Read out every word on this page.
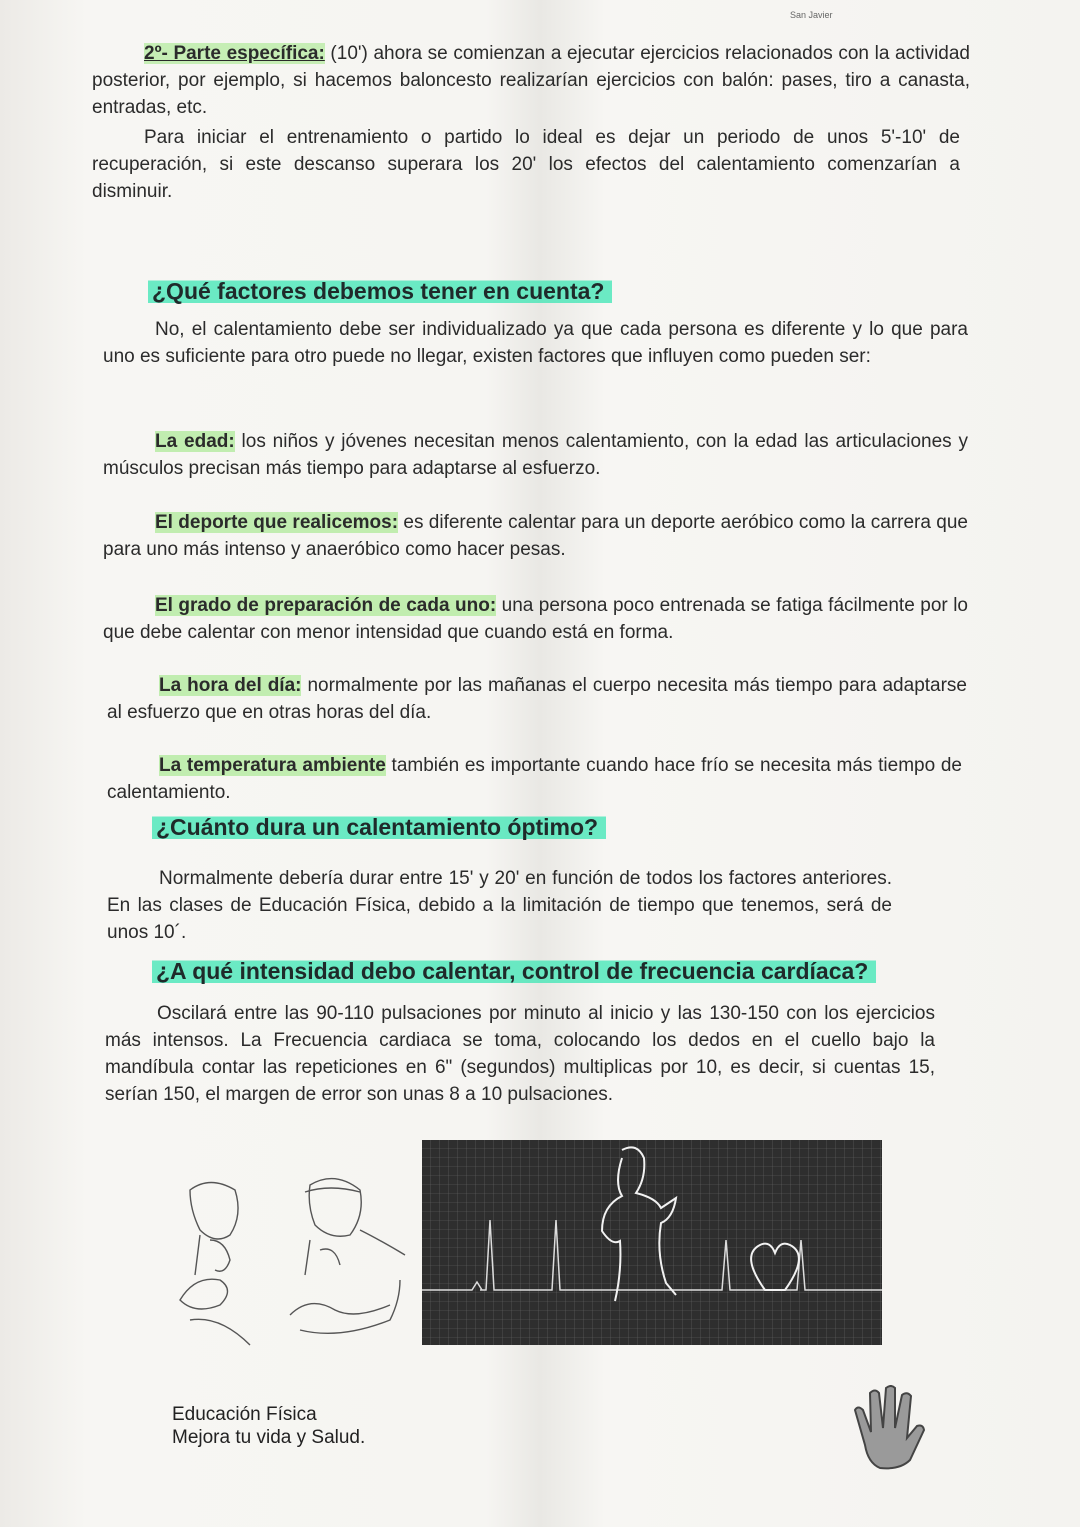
San Javier
2º- Parte específica: (10') ahora se comienzan a ejecutar ejercicios relacionados con la actividad posterior, por ejemplo, si hacemos baloncesto realizarían ejercicios con balón: pases, tiro a canasta, entradas, etc.
Para iniciar el entrenamiento o partido lo ideal es dejar un periodo de unos 5'-10' de recuperación, si este descanso superara los 20' los efectos del calentamiento comenzarían a disminuir.
¿Qué factores debemos tener en cuenta?
No, el calentamiento debe ser individualizado ya que cada persona es diferente y lo que para uno es suficiente para otro puede no llegar, existen factores que influyen como pueden ser:
La edad: los niños y jóvenes necesitan menos calentamiento, con la edad las articulaciones y músculos precisan más tiempo para adaptarse al esfuerzo.
El deporte que realicemos: es diferente calentar para un deporte aeróbico como la carrera que para uno más intenso y anaeróbico como hacer pesas.
El grado de preparación de cada uno: una persona poco entrenada se fatiga fácilmente por lo que debe calentar con menor intensidad que cuando está en forma.
La hora del día: normalmente por las mañanas el cuerpo necesita más tiempo para adaptarse al esfuerzo que en otras horas del día.
La temperatura ambiente también es importante cuando hace frío se necesita más tiempo de calentamiento.
¿Cuánto dura un calentamiento óptimo?
Normalmente debería durar entre 15' y 20' en función de todos los factores anteriores. En las clases de Educación Física, debido a la limitación de tiempo que tenemos, será de unos 10´.
¿A qué intensidad debo calentar, control de frecuencia cardíaca?
Oscilará entre las 90-110 pulsaciones por minuto al inicio y las 130-150 con los ejercicios más intensos. La Frecuencia cardiaca se toma, colocando los dedos en el cuello bajo la mandíbula contar las repeticiones en 6" (segundos) multiplicas por 10, es decir, si cuentas 15, serían 150, el margen de error son unas 8 a 10 pulsaciones.
Educación Física
Mejora tu vida y Salud.
